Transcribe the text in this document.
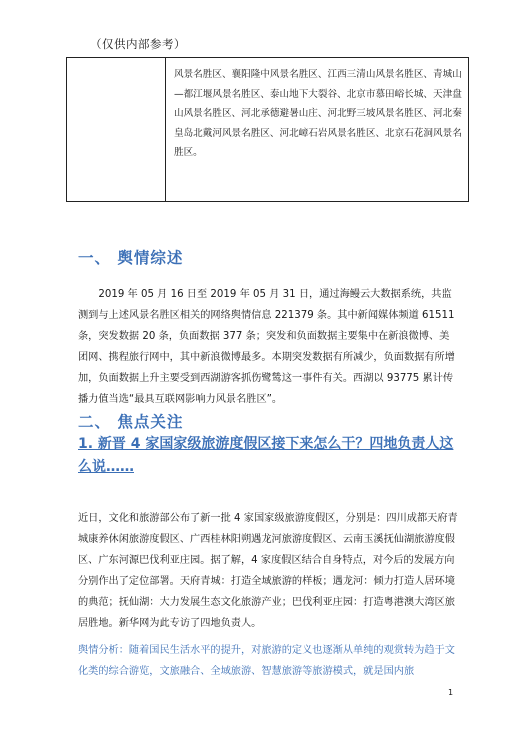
（仅供内部参考）
风景名胜区、襄阳隆中风景名胜区、江西三清山风景名胜区、青城山—都江堰风景名胜区、泰山地下大裂谷、北京市慕田峪长城、天津盘山风景名胜区、河北承德避暑山庄、河北野三坡风景名胜区、河北秦皇岛北戴河风景名胜区、河北嶂石岩风景名胜区、北京石花洞风景名胜区。
一、 舆情综述
2019 年 05 月 16 日至 2019 年 05 月 31 日，通过海鳗云大数据系统，共监测到与上述风景名胜区相关的网络舆情信息 221379 条。其中新闻媒体频道 61511 条，突发数据 20 条，负面数据 377 条；突发和负面数据主要集中在新浪微博、美团网、携程旅行网中，其中新浪微博最多。本期突发数据有所减少，负面数据有所增加，负面数据上升主要受到西湖游客抓伤鹭鸶这一事件有关。西湖以 93775 累计传播力值当选“最具互联网影响力风景名胜区”。
二、 焦点关注
1. 新晋 4 家国家级旅游度假区接下来怎么干？四地负责人这么说……
近日，文化和旅游部公布了新一批 4 家国家级旅游度假区，分别是：四川成都天府青城康养休闲旅游度假区、广西桂林阳朔遇龙河旅游度假区、云南玉溪抚仙湖旅游度假区、广东河源巴伐利亚庄园。据了解，4 家度假区结合自身特点，对今后的发展方向分别作出了定位部署。天府青城：打造全域旅游的样板；遇龙河：倾力打造人居环境的典范；抚仙湖：大力发展生态文化旅游产业；巴伐利亚庄园：打造粤港澳大湾区旅居胜地。新华网为此专访了四地负责人。
舆情分析：随着国民生活水平的提升，对旅游的定义也逐渐从单纯的观赏转为趋于文化类的综合游览，文旅融合、全域旅游、智慧旅游等旅游模式，就是国内旅
1
